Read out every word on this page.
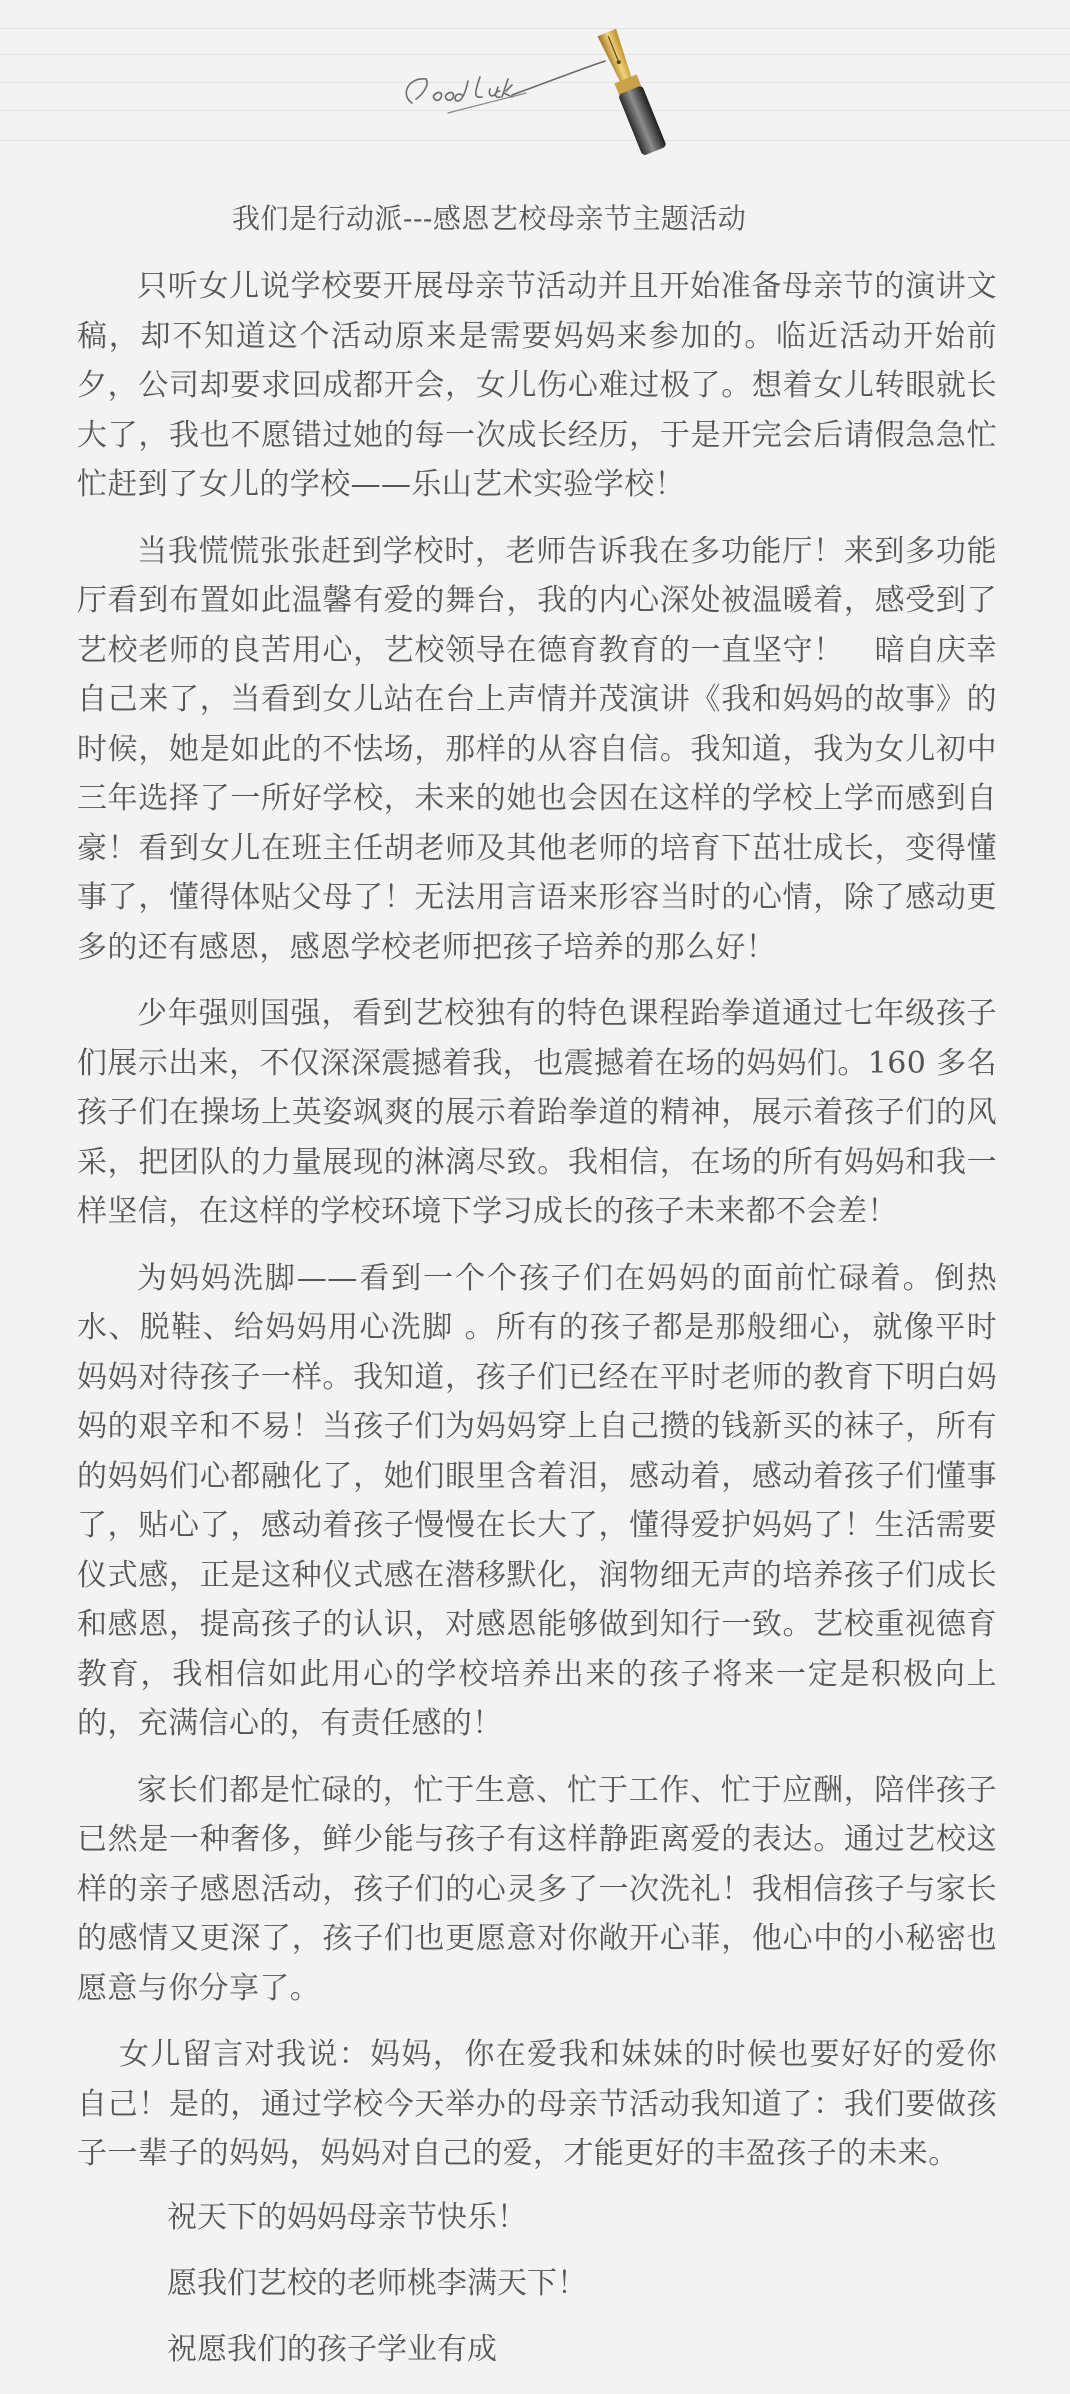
我们是行动派---感恩艺校母亲节主题活动

只听女儿说学校要开展母亲节活动并且开始准备母亲节的演讲文稿，却不知道这个活动原来是需要妈妈来参加的。临近活动开始前夕，公司却要求回成都开会，女儿伤心难过极了。想着女儿转眼就长大了，我也不愿错过她的每一次成长经历，于是开完会后请假急急忙忙赶到了女儿的学校——乐山艺术实验学校！

当我慌慌张张赶到学校时，老师告诉我在多功能厅！来到多功能厅看到布置如此温馨有爱的舞台，我的内心深处被温暖着，感受到了艺校老师的良苦用心，艺校领导在德育教育的一直坚守！　暗自庆幸自己来了，当看到女儿站在台上声情并茂演讲《我和妈妈的故事》的时候，她是如此的不怯场，那样的从容自信。我知道，我为女儿初中三年选择了一所好学校，未来的她也会因在这样的学校上学而感到自豪！看到女儿在班主任胡老师及其他老师的培育下茁壮成长，变得懂事了，懂得体贴父母了！无法用言语来形容当时的心情，除了感动更多的还有感恩，感恩学校老师把孩子培养的那么好！

少年强则国强，看到艺校独有的特色课程跆拳道通过七年级孩子们展示出来，不仅深深震撼着我，也震撼着在场的妈妈们。160 多名孩子们在操场上英姿飒爽的展示着跆拳道的精神，展示着孩子们的风采，把团队的力量展现的淋漓尽致。我相信，在场的所有妈妈和我一样坚信，在这样的学校环境下学习成长的孩子未来都不会差！

为妈妈洗脚——看到一个个孩子们在妈妈的面前忙碌着。倒热水、脱鞋、给妈妈用心洗脚 。所有的孩子都是那般细心，就像平时妈妈对待孩子一样。我知道，孩子们已经在平时老师的教育下明白妈妈的艰辛和不易！当孩子们为妈妈穿上自己攒的钱新买的袜子，所有的妈妈们心都融化了，她们眼里含着泪，感动着，感动着孩子们懂事了，贴心了，感动着孩子慢慢在长大了，懂得爱护妈妈了！生活需要仪式感，正是这种仪式感在潜移默化，润物细无声的培养孩子们成长和感恩，提高孩子的认识，对感恩能够做到知行一致。艺校重视德育教育，我相信如此用心的学校培养出来的孩子将来一定是积极向上的，充满信心的，有责任感的！

家长们都是忙碌的，忙于生意、忙于工作、忙于应酬，陪伴孩子已然是一种奢侈，鲜少能与孩子有这样静距离爱的表达。通过艺校这样的亲子感恩活动，孩子们的心灵多了一次洗礼！我相信孩子与家长的感情又更深了，孩子们也更愿意对你敞开心菲，他心中的小秘密也愿意与你分享了。

女儿留言对我说：妈妈，你在爱我和妹妹的时候也要好好的爱你自己！是的，通过学校今天举办的母亲节活动我知道了：我们要做孩子一辈子的妈妈，妈妈对自己的爱，才能更好的丰盈孩子的未来。

祝天下的妈妈母亲节快乐！
愿我们艺校的老师桃李满天下！
祝愿我们的孩子学业有成
